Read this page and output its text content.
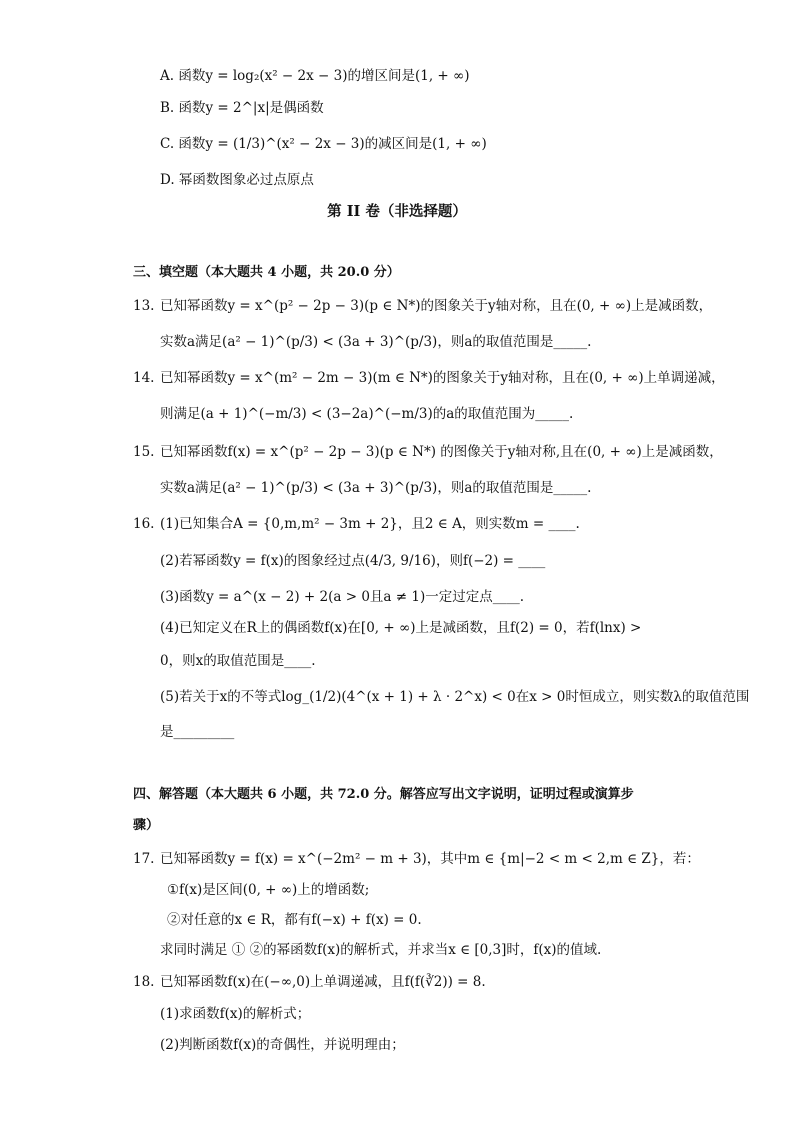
A. 函数y = log₂(x² − 2x − 3)的增区间是(1, + ∞)
B. 函数y = 2^|x|是偶函数
C. 函数y = (1/3)^(x² − 2x − 3)的减区间是(1, + ∞)
D. 幂函数图象必过点原点
第 II 卷（非选择题）
三、填空题（本大题共 4 小题，共 20.0 分）
13. 已知幂函数y = x^(p² − 2p − 3)(p ∈ N*)的图象关于y轴对称，且在(0, + ∞)上是减函数，
实数a满足(a² − 1)^(p/3) < (3a + 3)^(p/3)，则a的取值范围是_____.
14. 已知幂函数y = x^(m² − 2m − 3)(m ∈ N*)的图象关于y轴对称，且在(0, + ∞)上单调递减，
则满足(a + 1)^(−m/3) < (3−2a)^(−m/3)的a的取值范围为_____.
15. 已知幂函数f(x) = x^(p² − 2p − 3)(p ∈ N*) 的图像关于y轴对称,且在(0, + ∞)上是减函数，
实数a满足(a² − 1)^(p/3) < (3a + 3)^(p/3)，则a的取值范围是_____.
16. (1)已知集合A = {0,m,m² − 3m + 2}，且2 ∈ A，则实数m = ____.
(2)若幂函数y = f(x)的图象经过点(4/3, 9/16)，则f(−2) = ____
(3)函数y = a^(x − 2) + 2(a > 0且a ≠ 1)一定过定点____.
(4)已知定义在R上的偶函数f(x)在[0, + ∞)上是减函数，且f(2) = 0，若f(lnx) >
0，则x的取值范围是____.
(5)若关于x的不等式log_(1/2)(4^(x + 1) + λ · 2^x) < 0在x > 0时恒成立，则实数λ的取值范围
是_________
四、解答题（本大题共 6 小题，共 72.0 分。解答应写出文字说明，证明过程或演算步
骤）
17. 已知幂函数y = f(x) = x^(−2m² − m + 3)，其中m ∈ {m|−2 < m < 2,m ∈ Z}，若：
①f(x)是区间(0, + ∞)上的增函数;
②对任意的x ∈ R，都有f(−x) + f(x) = 0.
求同时满足 ① ②的幂函数f(x)的解析式，并求当x ∈ [0,3]时，f(x)的值域.
18. 已知幂函数f(x)在(−∞,0)上单调递减，且f(f(∛2)) = 8.
(1)求函数f(x)的解析式；
(2)判断函数f(x)的奇偶性，并说明理由；
